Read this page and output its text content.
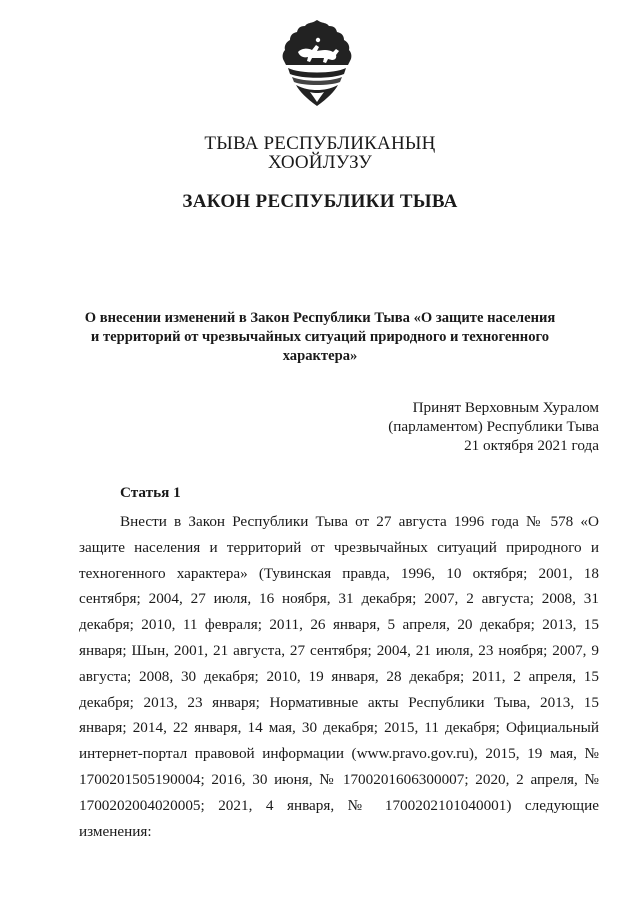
ТЫВА РЕСПУБЛИКАНЫҢ
ХООЙЛУЗУ
ЗАКОН РЕСПУБЛИКИ ТЫВА
О внесении изменений в Закон Республики Тыва «О защите населения и территорий от чрезвычайных ситуаций природного и техногенного характера»
Принят Верховным Хуралом
(парламентом) Республики Тыва
21 октября 2021 года
Статья 1

Внести в Закон Республики Тыва от 27 августа 1996 года № 578 «О защите населения и территорий от чрезвычайных ситуаций природного и техногенного характера» (Тувинская правда, 1996, 10 октября; 2001, 18 сентября; 2004, 27 июля, 16 ноября, 31 декабря; 2007, 2 августа; 2008, 31 декабря; 2010, 11 февраля; 2011, 26 января, 5 апреля, 20 декабря; 2013, 15 января; Шын, 2001, 21 августа, 27 сентября; 2004, 21 июля, 23 ноября; 2007, 9 августа; 2008, 30 декабря; 2010, 19 января, 28 декабря; 2011, 2 апреля, 15 декабря; 2013, 23 января; Нормативные акты Республики Тыва, 2013, 15 января; 2014, 22 января, 14 мая, 30 декабря; 2015, 11 декабря; Официальный интернет-портал правовой информации (www.pravo.gov.ru), 2015, 19 мая, № 1700201505190004; 2016, 30 июня, № 1700201606300007; 2020, 2 апреля, № 1700202004020005; 2021, 4 января, № 1700202101040001) следующие изменения:
